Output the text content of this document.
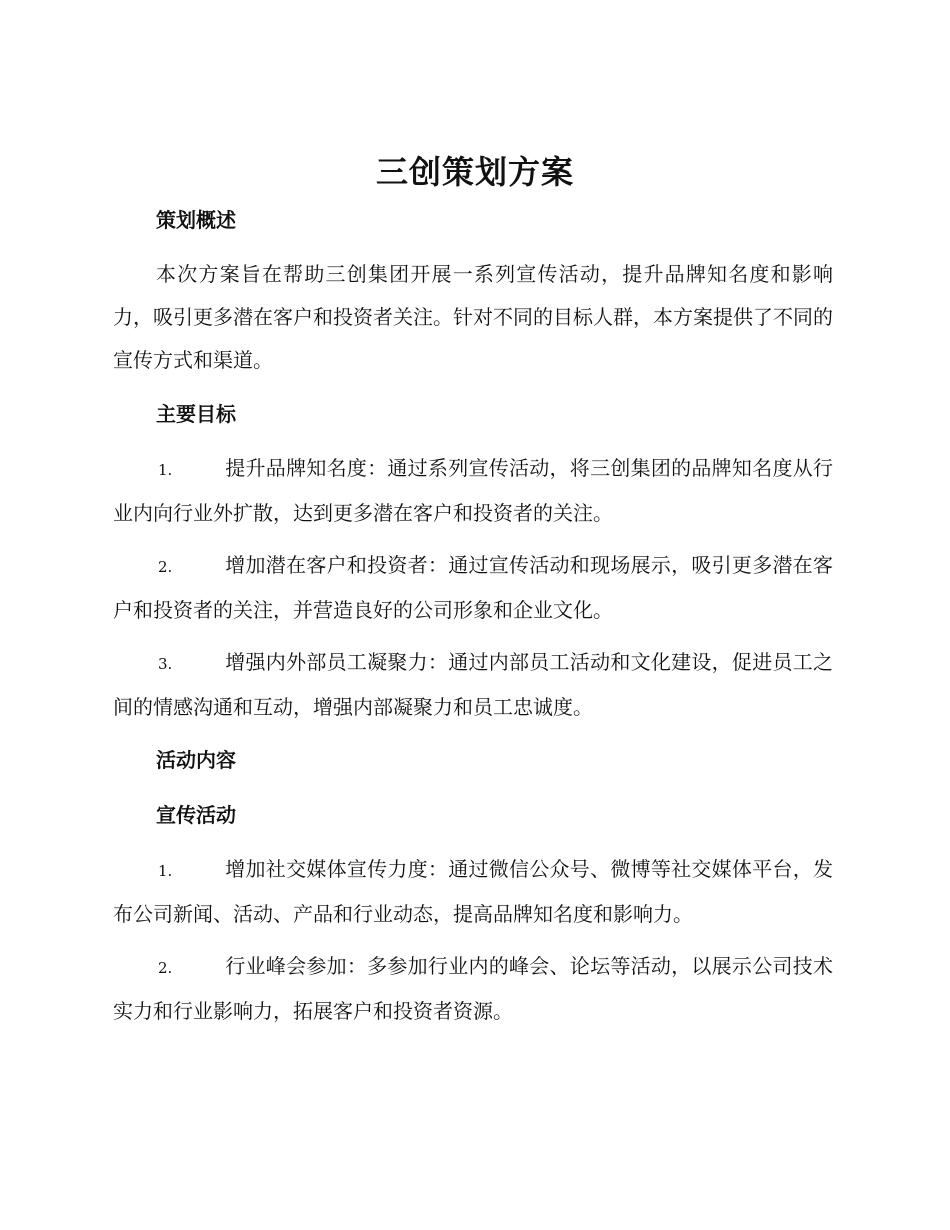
三创策划方案
策划概述
本次方案旨在帮助三创集团开展一系列宣传活动，提升品牌知名度和影响力，吸引更多潜在客户和投资者关注。针对不同的目标人群，本方案提供了不同的宣传方式和渠道。
主要目标
1.	提升品牌知名度：通过系列宣传活动，将三创集团的品牌知名度从行业内向行业外扩散，达到更多潜在客户和投资者的关注。
2.	增加潜在客户和投资者：通过宣传活动和现场展示，吸引更多潜在客户和投资者的关注，并营造良好的公司形象和企业文化。
3.	增强内外部员工凝聚力：通过内部员工活动和文化建设，促进员工之间的情感沟通和互动，增强内部凝聚力和员工忠诚度。
活动内容
宣传活动
1.	增加社交媒体宣传力度：通过微信公众号、微博等社交媒体平台，发布公司新闻、活动、产品和行业动态，提高品牌知名度和影响力。
2.	行业峰会参加：多参加行业内的峰会、论坛等活动，以展示公司技术实力和行业影响力，拓展客户和投资者资源。
